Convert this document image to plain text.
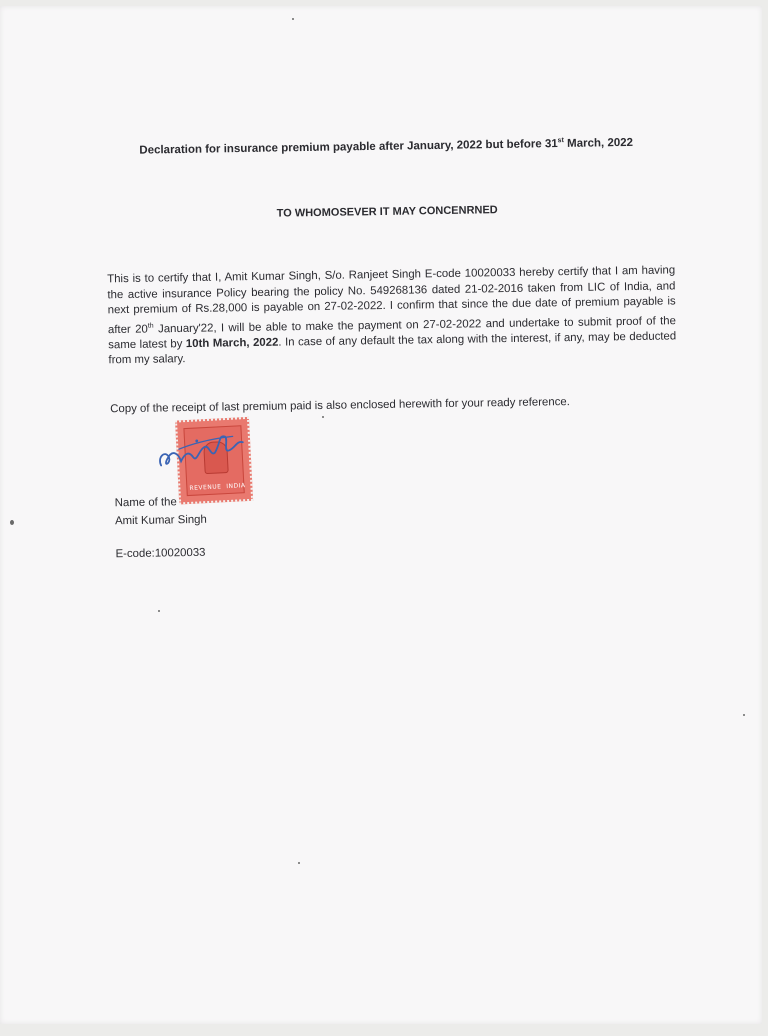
Declaration for insurance premium payable after January, 2022 but before 31st March, 2022
TO WHOMOSEVER IT MAY CONCENRNED
This is to certify that I, Amit Kumar Singh, S/o. Ranjeet Singh E-code 10020033 hereby certify that I am having the active insurance Policy bearing the policy No. 549268136 dated 21-02-2016 taken from LIC of India, and next premium of Rs.28,000 is payable on 27-02-2022. I confirm that since the due date of premium payable is after 20th January'22, I will be able to make the payment on 27-02-2022 and undertake to submit proof of the same latest by 10th March, 2022. In case of any default the tax along with the interest, if any, may be deducted from my salary.
Copy of the receipt of last premium paid is also enclosed herewith for your ready reference.
REVENUE  INDIA
Name of the
Amit Kumar Singh
E-code:10020033
